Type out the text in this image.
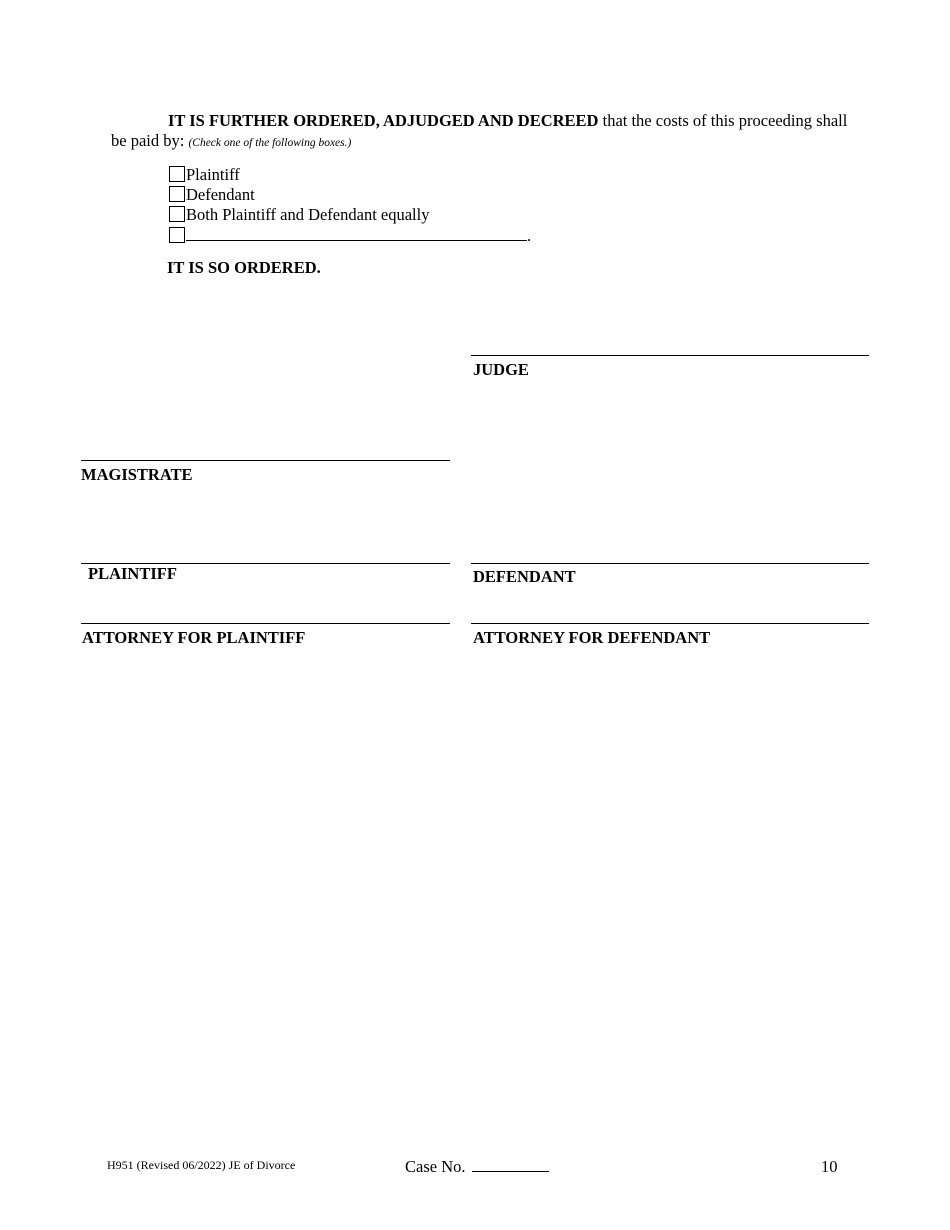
IT IS FURTHER ORDERED, ADJUDGED AND DECREED that the costs of this proceeding shall be paid by: (Check one of the following boxes.)
Plaintiff
Defendant
Both Plaintiff and Defendant equally
.
IT IS SO ORDERED.
JUDGE
MAGISTRATE
PLAINTIFF	DEFENDANT
ATTORNEY FOR PLAINTIFF	ATTORNEY FOR DEFENDANT
H951 (Revised 06/2022) JE of Divorce	Case No.	10
